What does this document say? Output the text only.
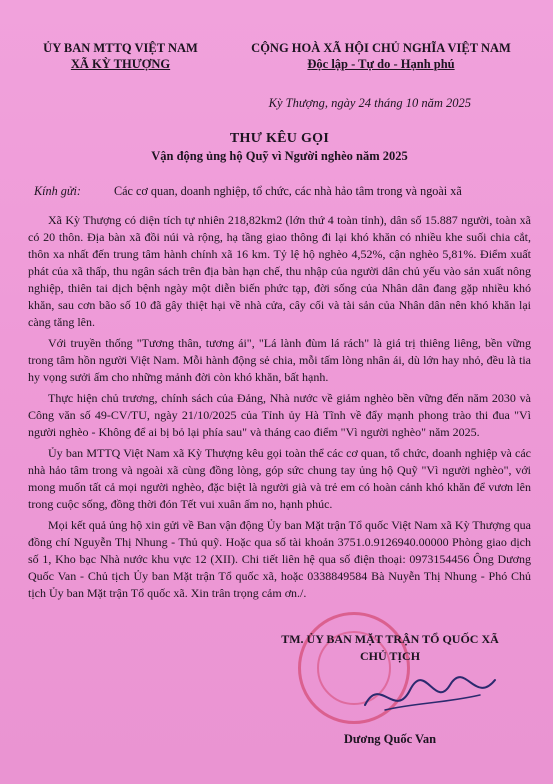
ỦY BAN MTTQ VIỆT NAM
XÃ KỲ THƯỢNG
CỘNG HOÀ XÃ HỘI CHỦ NGHĨA VIỆT NAM
Độc lập - Tự do - Hạnh phú
Kỳ Thượng, ngày 24 tháng 10 năm 2025
THƯ KÊU GỌI
Vận động ủng hộ Quỹ vì Người nghèo năm 2025
Kính gửi:	Các cơ quan, doanh nghiệp, tổ chức, các nhà hảo tâm trong và ngoài xã

Xã Kỳ Thượng có diện tích tự nhiên 218,82km2 (lớn thứ 4 toàn tỉnh), dân số 15.887 người, toàn xã có 20 thôn. Địa bàn xã đồi núi và rộng, hạ tầng giao thông đi lại khó khăn có nhiều khe suối chia cắt, thôn xa nhất đến trung tâm hành chính xã 16 km. Tỷ lệ hộ nghèo 4,52%, cận nghèo 5,81%. Điểm xuất phát của xã thấp, thu ngân sách trên địa bàn hạn chế, thu nhập của người dân chủ yếu vào sản xuất nông nghiệp, thiên tai dịch bệnh ngày một diễn biến phức tạp, đời sống của Nhân dân đang gặp nhiều khó khăn, sau cơn bão số 10 đã gây thiệt hại về nhà cửa, cây cối và tài sản của Nhân dân nên khó khăn lại càng tăng lên.

Với truyền thống "Tương thân, tương ái", "Lá lành đùm lá rách" là giá trị thiêng liêng, bền vững trong tâm hồn người Việt Nam. Mỗi hành động sẻ chia, mỗi tấm lòng nhân ái, dù lớn hay nhỏ, đều là tia hy vọng sưởi ấm cho những mảnh đời còn khó khăn, bất hạnh.

Thực hiện chủ trương, chính sách của Đảng, Nhà nước về giảm nghèo bền vững đến năm 2030 và Công văn số 49-CV/TU, ngày 21/10/2025 của Tỉnh ủy Hà Tĩnh về đẩy mạnh phong trào thi đua "Vì người nghèo - Không để ai bị bỏ lại phía sau" và tháng cao điểm "Vì người nghèo" năm 2025.

Ủy ban MTTQ Việt Nam xã Kỳ Thượng kêu gọi toàn thể các cơ quan, tổ chức, doanh nghiệp và các nhà hảo tâm trong và ngoài xã cùng đồng lòng, góp sức chung tay ủng hộ Quỹ "Vì người nghèo", với mong muốn tất cả mọi người nghèo, đặc biệt là người già và trẻ em có hoàn cảnh khó khăn để vươn lên trong cuộc sống, đồng thời đón Tết vui xuân ấm no, hạnh phúc.

Mọi kết quả ủng hộ xin gửi về Ban vận động Ủy ban Mặt trận Tổ quốc Việt Nam xã Kỳ Thượng qua đồng chí Nguyễn Thị Nhung - Thủ quỹ. Hoặc qua số tài khoản 3751.0.9126940.00000 Phòng giao dịch số 1, Kho bạc Nhà nước khu vực 12 (XII). Chi tiết liên hệ qua số điện thoại: 0973154456 Ông Dương Quốc Van - Chủ tịch Ủy ban Mặt trận Tổ quốc xã, hoặc 0338849584 Bà Nuyễn Thị Nhung - Phó Chủ tịch Ủy ban Mặt trận Tổ quốc xã. Xin trân trọng cảm ơn./.

TM. ỦY BAN MẶT TRẬN TỔ QUỐC XÃ
CHỦ TỊCH
Dương Quốc Van
